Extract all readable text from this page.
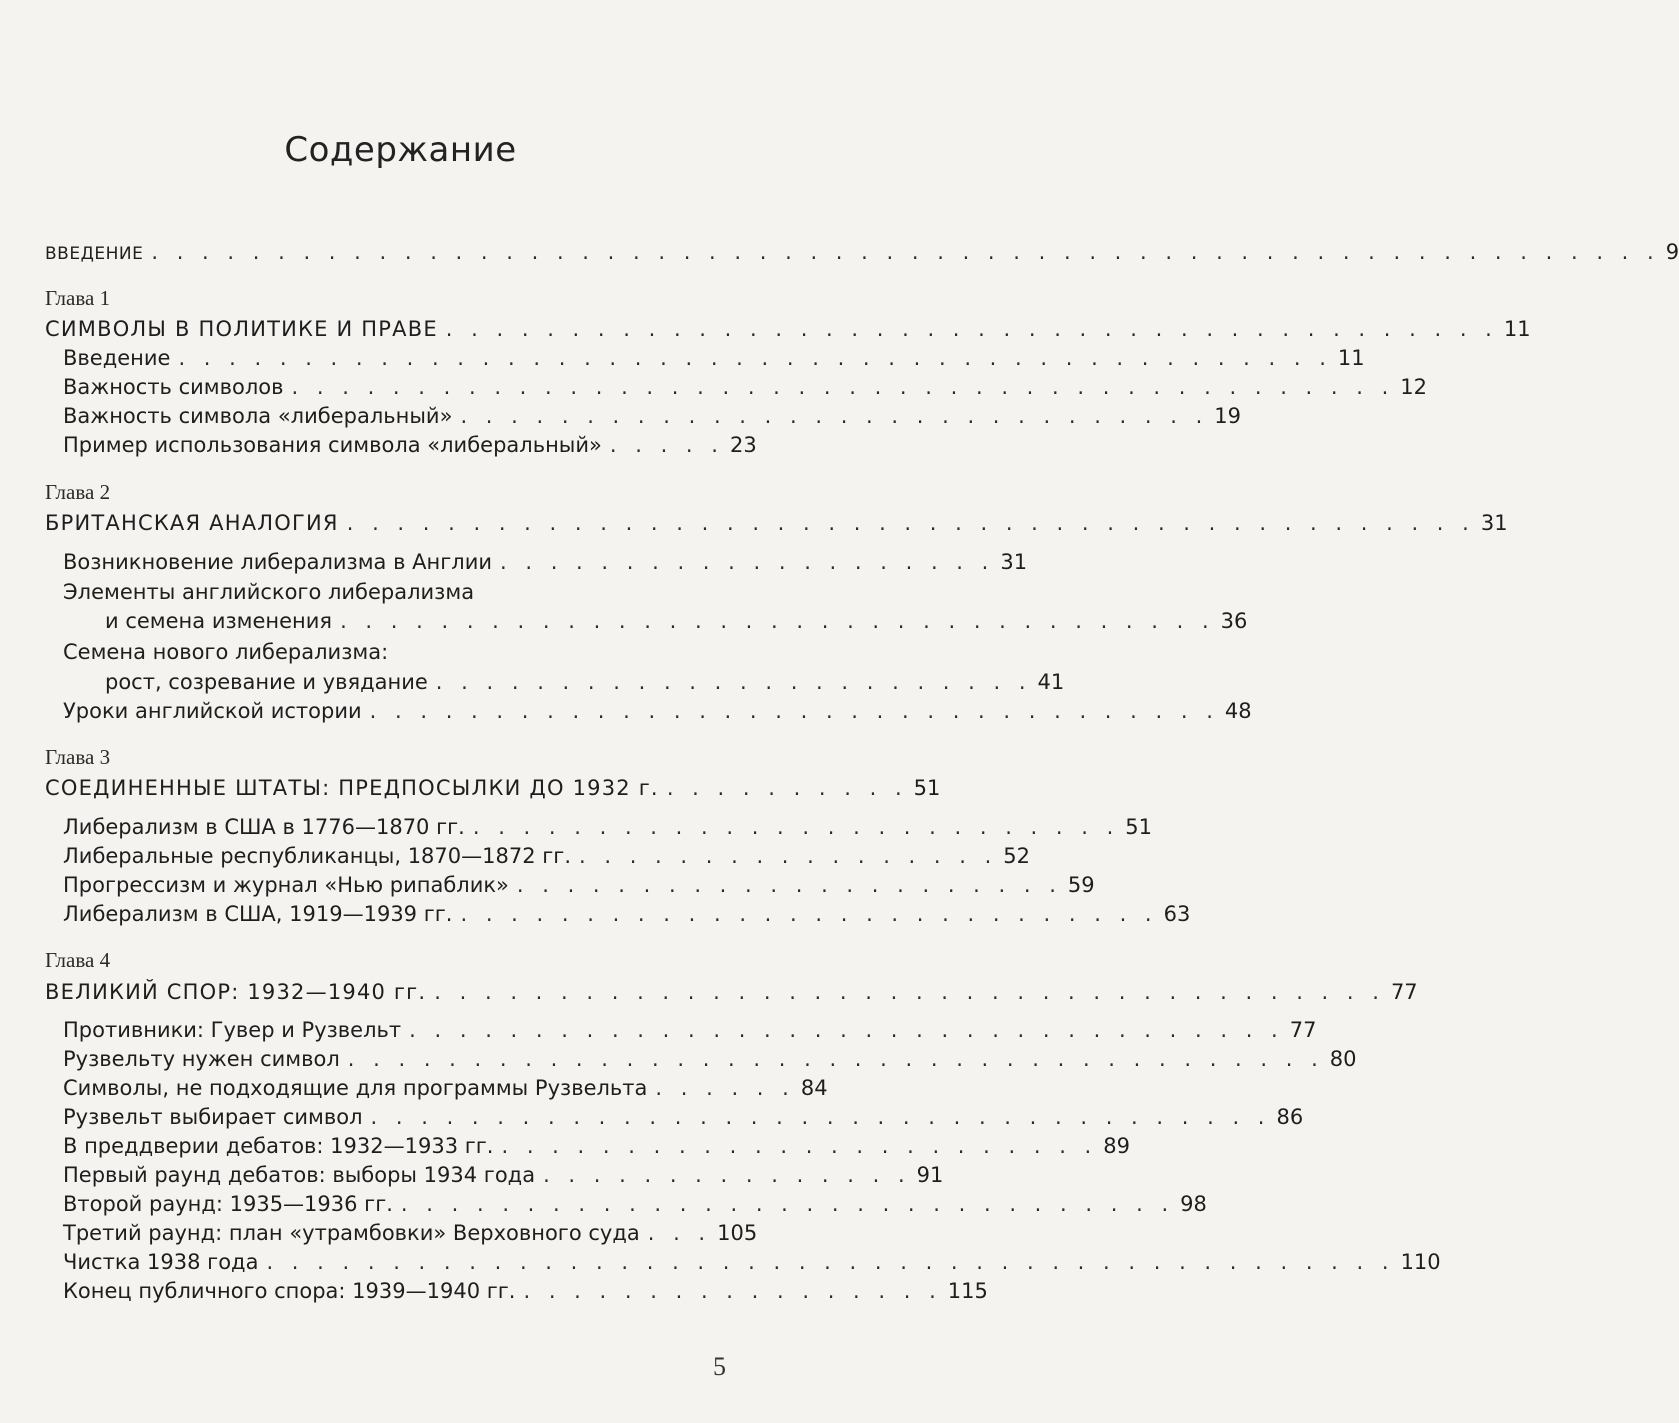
Содержание
ВВЕДЕНИЕ . . . . . . . . . . . . . . . . . . . . . . . . . . . . . . . . . . . . . . . . . . . . . . . . . . . . . . . . . . . . 9
Глава 1
СИМВОЛЫ В ПОЛИТИКЕ И ПРАВЕ . . . . . . . . . . . . . . . . . . . . . . . . . . . . . . . . . . . . . . . . . . 11
Введение . . . . . . . . . . . . . . . . . . . . . . . . . . . . . . . . . . . . . . . . . . . . . . 11
Важность символов . . . . . . . . . . . . . . . . . . . . . . . . . . . . . . . . . . . . . . . . . . . . 12
Важность символа «либеральный» . . . . . . . . . . . . . . . . . . . . . . . . . . . . . . 19
Пример использования символа «либеральный» . . . . . 23
Глава 2
БРИТАНСКАЯ АНАЛОГИЯ . . . . . . . . . . . . . . . . . . . . . . . . . . . . . . . . . . . . . . . . . . . . . 31
Возникновение либерализма в Англии . . . . . . . . . . . . . . . . . . . . 31
Элементы английского либерализма
и семена изменения . . . . . . . . . . . . . . . . . . . . . . . . . . . . . . . . . . . 36
Семена нового либерализма:
рост, созревание и увядание . . . . . . . . . . . . . . . . . . . . . . . . 41
Уроки английской истории . . . . . . . . . . . . . . . . . . . . . . . . . . . . . . . . . . 48
Глава 3
СОЕДИНЕННЫЕ ШТАТЫ: ПРЕДПОСЫЛКИ ДО 1932 г. . . . . . . . . . . 51
Либерализм в США в 1776—1870 гг. . . . . . . . . . . . . . . . . . . . . . . . . . . 51
Либеральные республиканцы, 1870—1872 гг. . . . . . . . . . . . . . . . . . 52
Прогрессизм и журнал «Нью рипаблик» . . . . . . . . . . . . . . . . . . . . . . 59
Либерализм в США, 1919—1939 гг. . . . . . . . . . . . . . . . . . . . . . . . . . . . . 63
Глава 4
ВЕЛИКИЙ СПОР: 1932—1940 гг. . . . . . . . . . . . . . . . . . . . . . . . . . . . . . . . . . . . . . . 77
Противники: Гувер и Рузвельт . . . . . . . . . . . . . . . . . . . . . . . . . . . . . . . . . . . 77
Рузвельту нужен символ . . . . . . . . . . . . . . . . . . . . . . . . . . . . . . . . . . . . . . . 80
Символы, не подходящие для программы Рузвельта . . . . . . 84
Рузвельт выбирает символ . . . . . . . . . . . . . . . . . . . . . . . . . . . . . . . . . . . . 86
В преддверии дебатов: 1932—1933 гг. . . . . . . . . . . . . . . . . . . . . . . . . 89
Первый раунд дебатов: выборы 1934 года . . . . . . . . . . . . . . . 91
Второй раунд: 1935—1936 гг. . . . . . . . . . . . . . . . . . . . . . . . . . . . . . . . 98
Третий раунд: план «утрамбовки» Верховного суда . . . 105
Чистка 1938 года . . . . . . . . . . . . . . . . . . . . . . . . . . . . . . . . . . . . . . . . . . . . . 110
Конец публичного спора: 1939—1940 гг. . . . . . . . . . . . . . . . . . 115
5
